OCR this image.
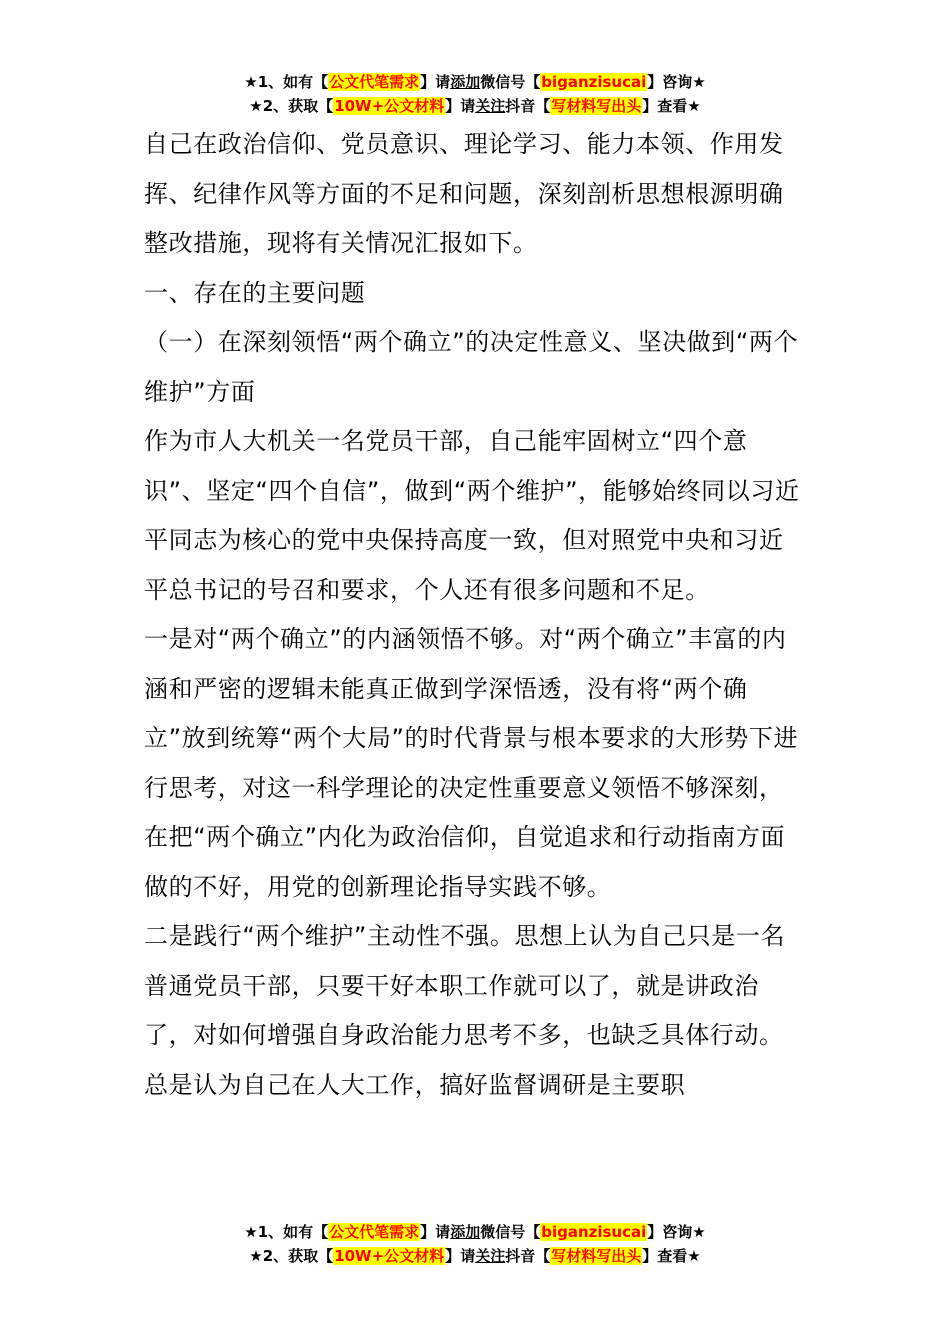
★1、如有【公文代笔需求】请添加微信号【biganzisucai】咨询★
★2、获取【10W+公文材料】请关注抖音【写材料写出头】查看★

自己在政治信仰、党员意识、理论学习、能力本领、作用发挥、纪律作风等方面的不足和问题，深刻剖析思想根源明确整改措施，现将有关情况汇报如下。

一、存在的主要问题

（一）在深刻领悟“两个确立”的决定性意义、坚决做到“两个维护”方面

作为市人大机关一名党员干部，自己能牢固树立“四个意识”、坚定“四个自信”，做到“两个维护”，能够始终同以习近平同志为核心的党中央保持高度一致，但对照党中央和习近平总书记的号召和要求，个人还有很多问题和不足。

一是对“两个确立”的内涵领悟不够。对“两个确立”丰富的内涵和严密的逻辑未能真正做到学深悟透，没有将“两个确立”放到统筹“两个大局”的时代背景与根本要求的大形势下进行思考，对这一科学理论的决定性重要意义领悟不够深刻，在把“两个确立”内化为政治信仰，自觉追求和行动指南方面做的不好，用党的创新理论指导实践不够。

二是践行“两个维护”主动性不强。思想上认为自己只是一名普通党员干部，只要干好本职工作就可以了，就是讲政治了，对如何增强自身政治能力思考不多，也缺乏具体行动。总是认为自己在人大工作，搞好监督调研是主要职

★1、如有【公文代笔需求】请添加微信号【biganzisucai】咨询★
★2、获取【10W+公文材料】请关注抖音【写材料写出头】查看★
